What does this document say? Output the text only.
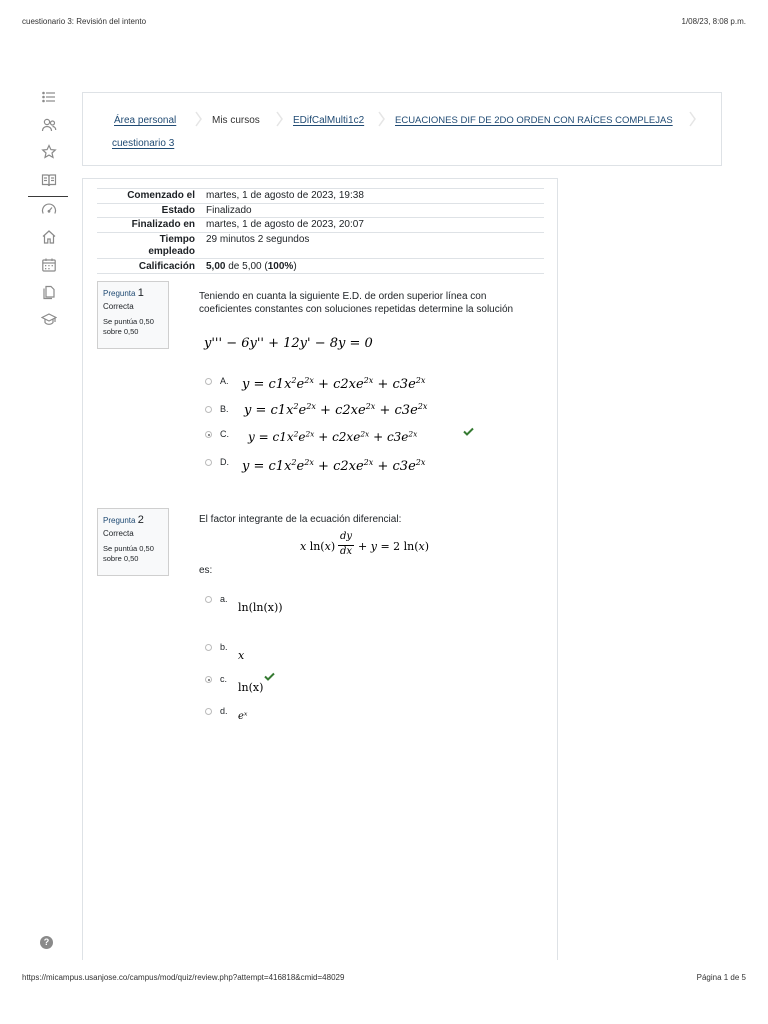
cuestionario 3: Revisión del intento	1/08/23, 8:08 p.m.
https://micampus.usanjose.co/campus/mod/quiz/review.php?attempt=416818&cmid=48029	Página 1 de 5
?
Área personal	Mis cursos	EDifCalMulti1c2	ECUACIONES DIF DE 2DO ORDEN CON RAÍCES COMPLEJAS
cuestionario 3
Comenzado el martes, 1 de agosto de 2023, 19:38
Estado Finalizado
Finalizado en martes, 1 de agosto de 2023, 20:07
Tiempo empleado
29 minutos 2 segundos
Calificación 5,00 de 5,00 (100%)
Pregunta 1
Correcta
Se puntúa 0,50 sobre 0,50
Teniendo en cuanta la siguiente E.D. de orden superior línea con coeficientes constantes con soluciones repetidas determine la solución
y''' − 6y'' + 12y' − 8y = 0
A. $y = c1x^2e^{2x} + c2xe^{2x} + c3e^{2x}$
B. $y = c1x^2e^{2x} + c2xe^{2x} + c3e^{2x}$
C. $y = c1x^2e^{2x} + c2xe^{2x} + c3e^{2x}$
D. $y = c1x^2e^{2x} + c2xe^{2x} + c3e^{2x}$
Pregunta 2
Correcta
Se puntúa 0,50 sobre 0,50
El factor integrante de la ecuación diferencial:
x ln(x)
dy
dx + y = 2 ln(x)
es:
a.
ln(ln(x))
b.
x
c.
ln(x)
d. eˣ
